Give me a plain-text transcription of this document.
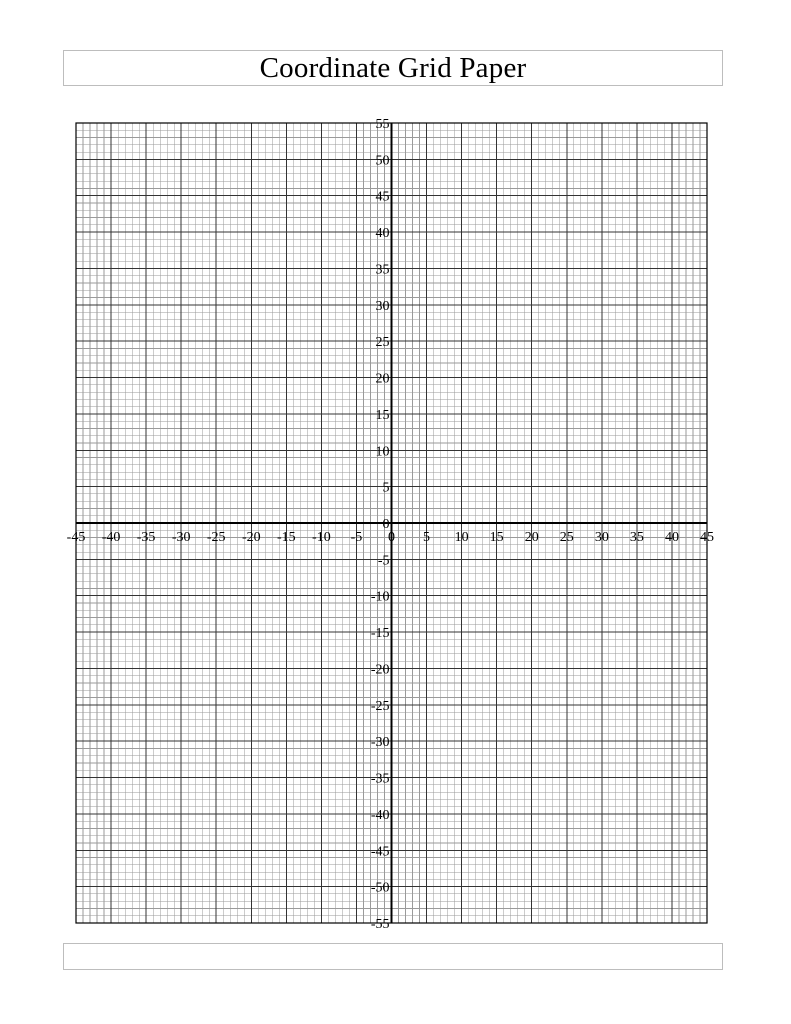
Coordinate Grid Paper
-45 -40 -35 -30 -25 -20 -15 -10 -5 0 5 10 15 20 25 30 35 40 45
55
50
45
40
35
30
25
20
15
10
5
0
-5
-10
-15
-20
-25
-30
-35
-40
-45
-50
-55
